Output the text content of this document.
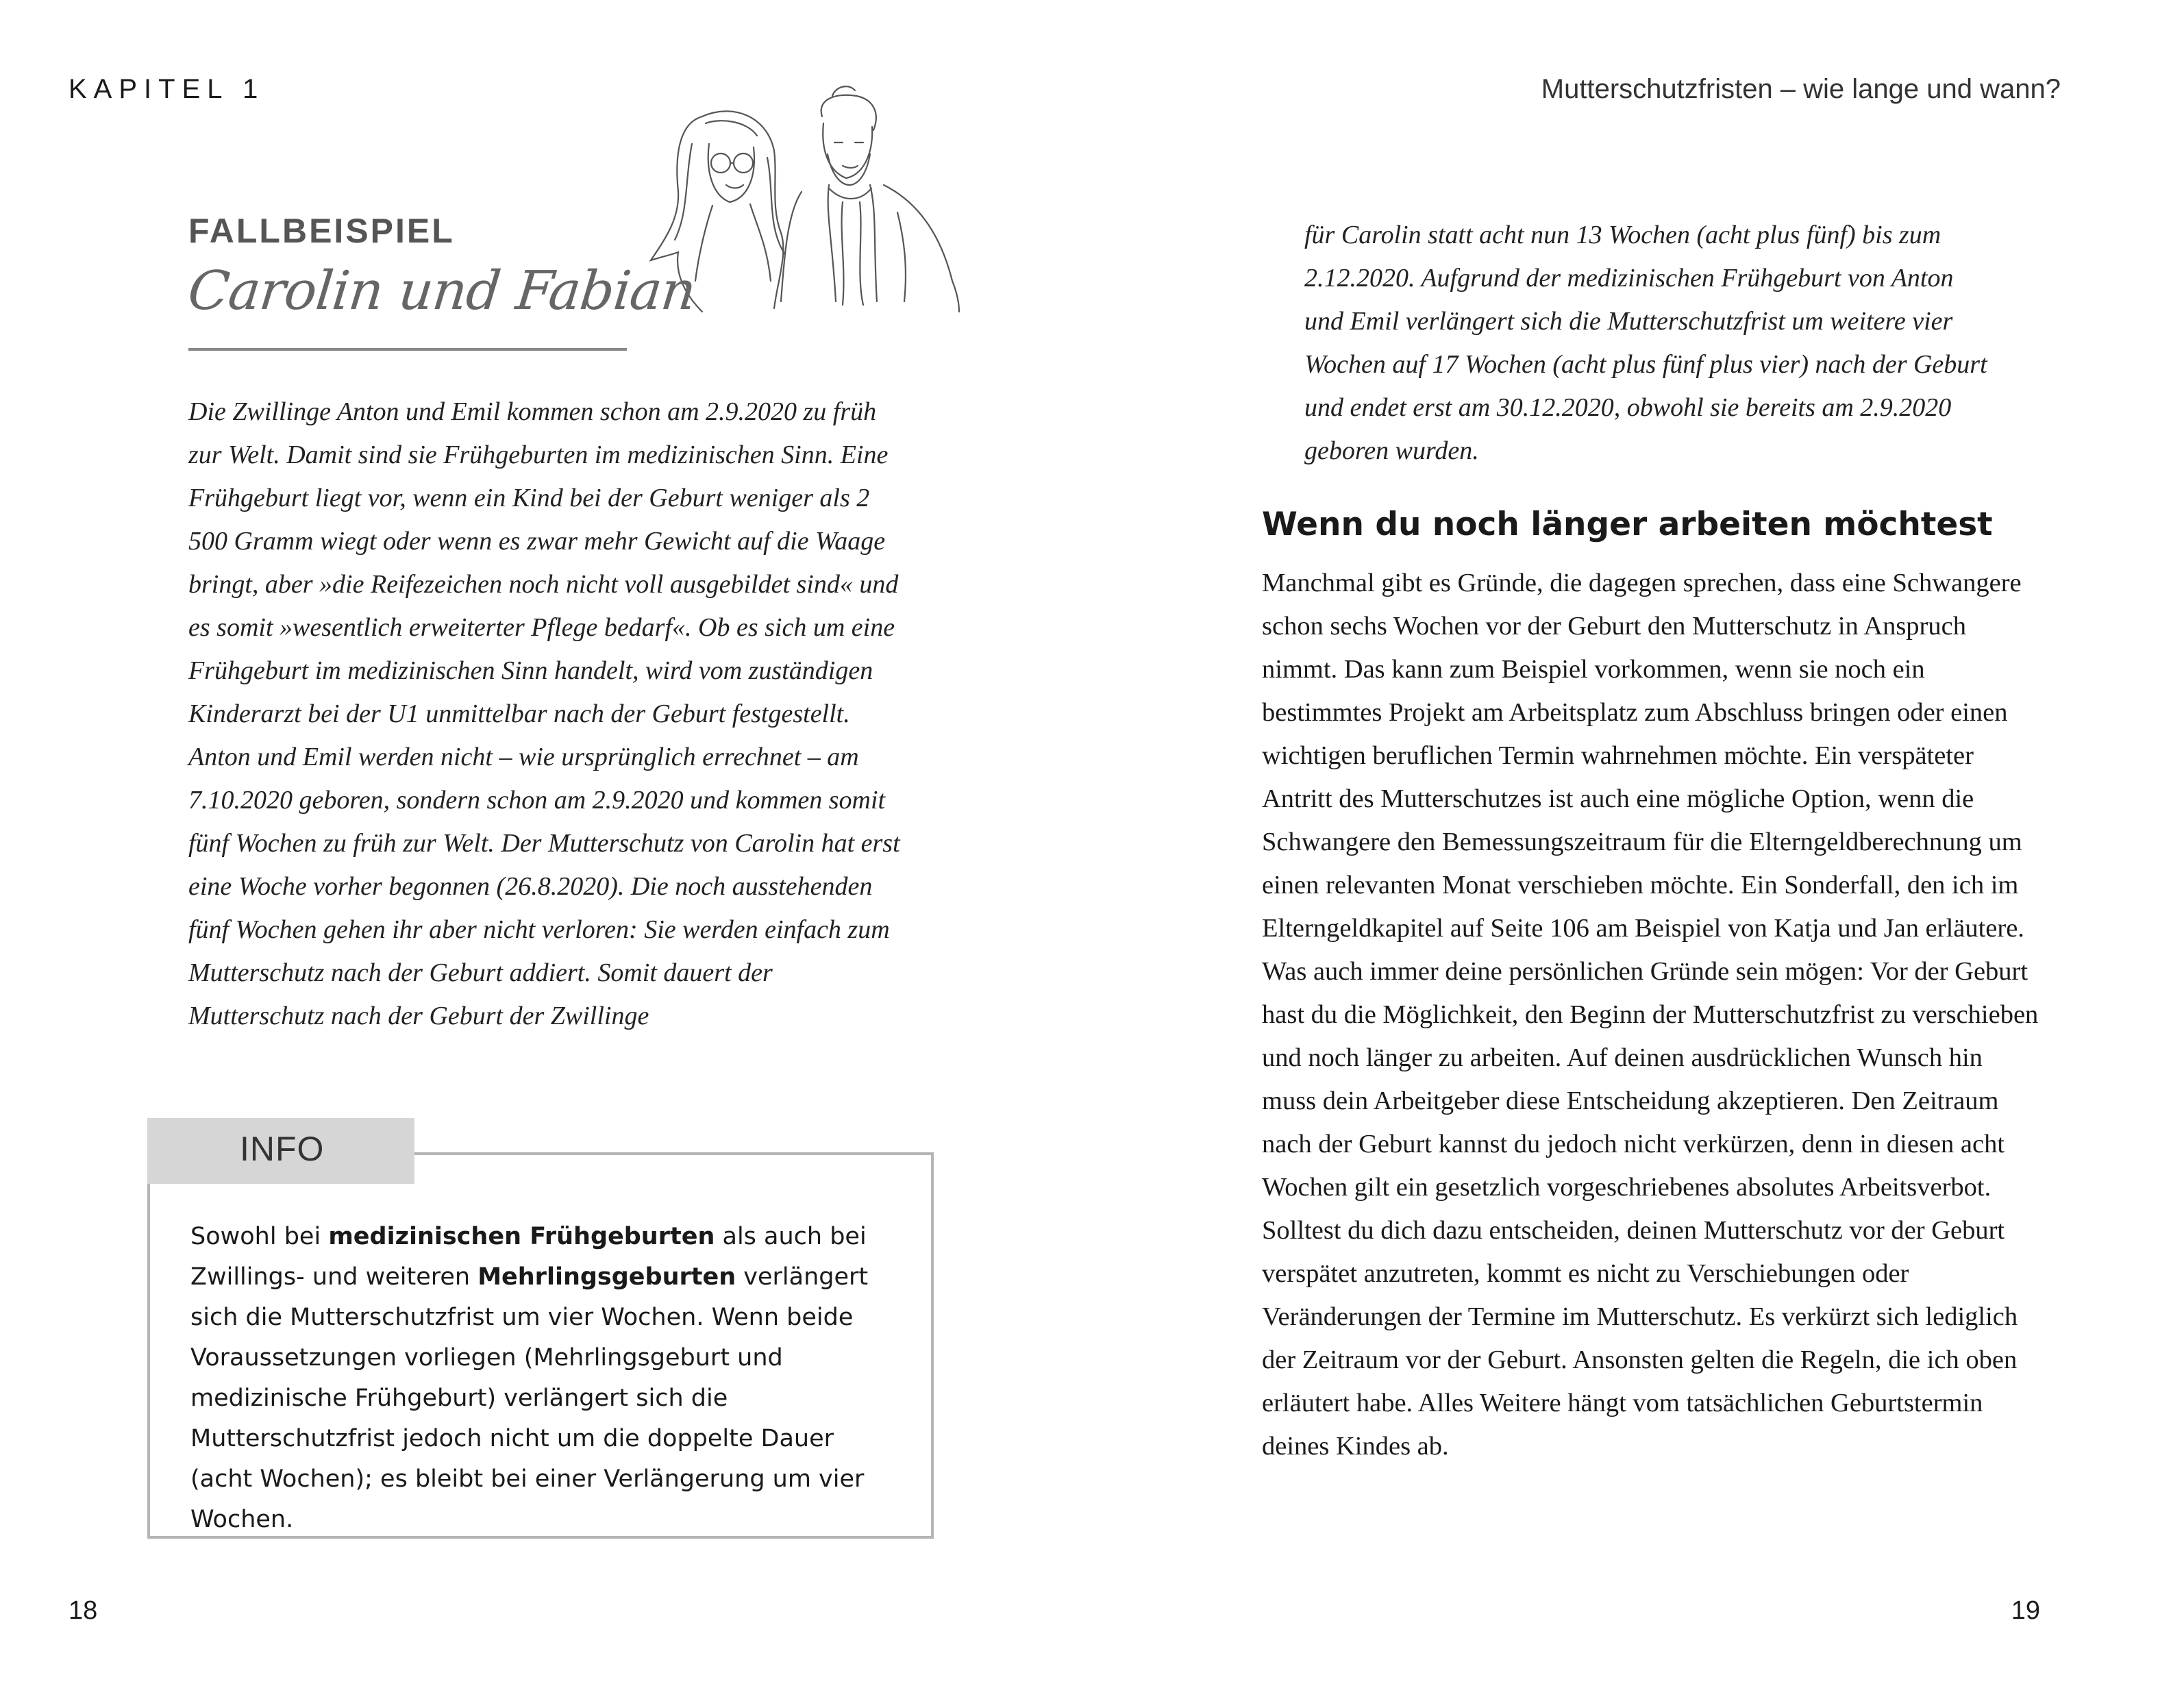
KAPITEL 1
FALLBEISPIEL
Carolin und Fabian

Die Zwillinge Anton und Emil kommen schon am 2.9.2020 zu früh zur Welt. Damit sind sie Frühgeburten im medizinischen Sinn. Eine Frühgeburt liegt vor, wenn ein Kind bei der Geburt weniger als 2 500 Gramm wiegt oder wenn es zwar mehr Gewicht auf die Waage bringt, aber »die Reifezeichen noch nicht voll ausgebildet sind« und es somit »wesentlich erweiterter Pflege bedarf«. Ob es sich um eine Frühgeburt im medizinischen Sinn handelt, wird vom zuständigen Kinderarzt bei der U1 unmittelbar nach der Geburt festgestellt.

Anton und Emil werden nicht – wie ursprünglich errechnet – am 7.10.2020 geboren, sondern schon am 2.9.2020 und kommen somit fünf Wochen zu früh zur Welt. Der Mutterschutz von Carolin hat erst eine Woche vorher begonnen (26.8.2020). Die noch ausstehenden fünf Wochen gehen ihr aber nicht verloren: Sie werden einfach zum Mutterschutz nach der Geburt addiert. Somit dauert der Mutterschutz nach der Geburt der Zwillinge

INFO
Sowohl bei medizinischen Frühgeburten als auch bei Zwillings- und weiteren Mehrlingsgeburten verlängert sich die Mutterschutzfrist um vier Wochen. Wenn beide Voraussetzungen vorliegen (Mehrlingsgeburt und medizinische Frühgeburt) verlängert sich die Mutterschutzfrist jedoch nicht um die doppelte Dauer (acht Wochen); es bleibt bei einer Verlängerung um vier Wochen.
18
Mutterschutzfristen – wie lange und wann?

für Carolin statt acht nun 13 Wochen (acht plus fünf) bis zum 2.12.2020. Aufgrund der medizinischen Frühgeburt von Anton und Emil verlängert sich die Mutterschutzfrist um weitere vier Wochen auf 17 Wochen (acht plus fünf plus vier) nach der Geburt und endet erst am 30.12.2020, obwohl sie bereits am 2.9.2020 geboren wurden.

Wenn du noch länger arbeiten möchtest

Manchmal gibt es Gründe, die dagegen sprechen, dass eine Schwangere schon sechs Wochen vor der Geburt den Mutterschutz in Anspruch nimmt. Das kann zum Beispiel vorkommen, wenn sie noch ein bestimmtes Projekt am Arbeitsplatz zum Abschluss bringen oder einen wichtigen beruflichen Termin wahrnehmen möchte. Ein verspäteter Antritt des Mutterschutzes ist auch eine mögliche Option, wenn die Schwangere den Bemessungszeitraum für die Elterngeldberechnung um einen relevanten Monat verschieben möchte. Ein Sonderfall, den ich im Elterngeldkapitel auf Seite 106 am Beispiel von Katja und Jan erläutere.

Was auch immer deine persönlichen Gründe sein mögen: Vor der Geburt hast du die Möglichkeit, den Beginn der Mutterschutzfrist zu verschieben und noch länger zu arbeiten. Auf deinen ausdrücklichen Wunsch hin muss dein Arbeitgeber diese Entscheidung akzeptieren. Den Zeitraum nach der Geburt kannst du jedoch nicht verkürzen, denn in diesen acht Wochen gilt ein gesetzlich vorgeschriebenes absolutes Arbeitsverbot.

Solltest du dich dazu entscheiden, deinen Mutterschutz vor der Geburt verspätet anzutreten, kommt es nicht zu Verschiebungen oder Veränderungen der Termine im Mutterschutz. Es verkürzt sich lediglich der Zeitraum vor der Geburt. Ansonsten gelten die Regeln, die ich oben erläutert habe. Alles Weitere hängt vom tatsächlichen Geburtstermin deines Kindes ab.

19
